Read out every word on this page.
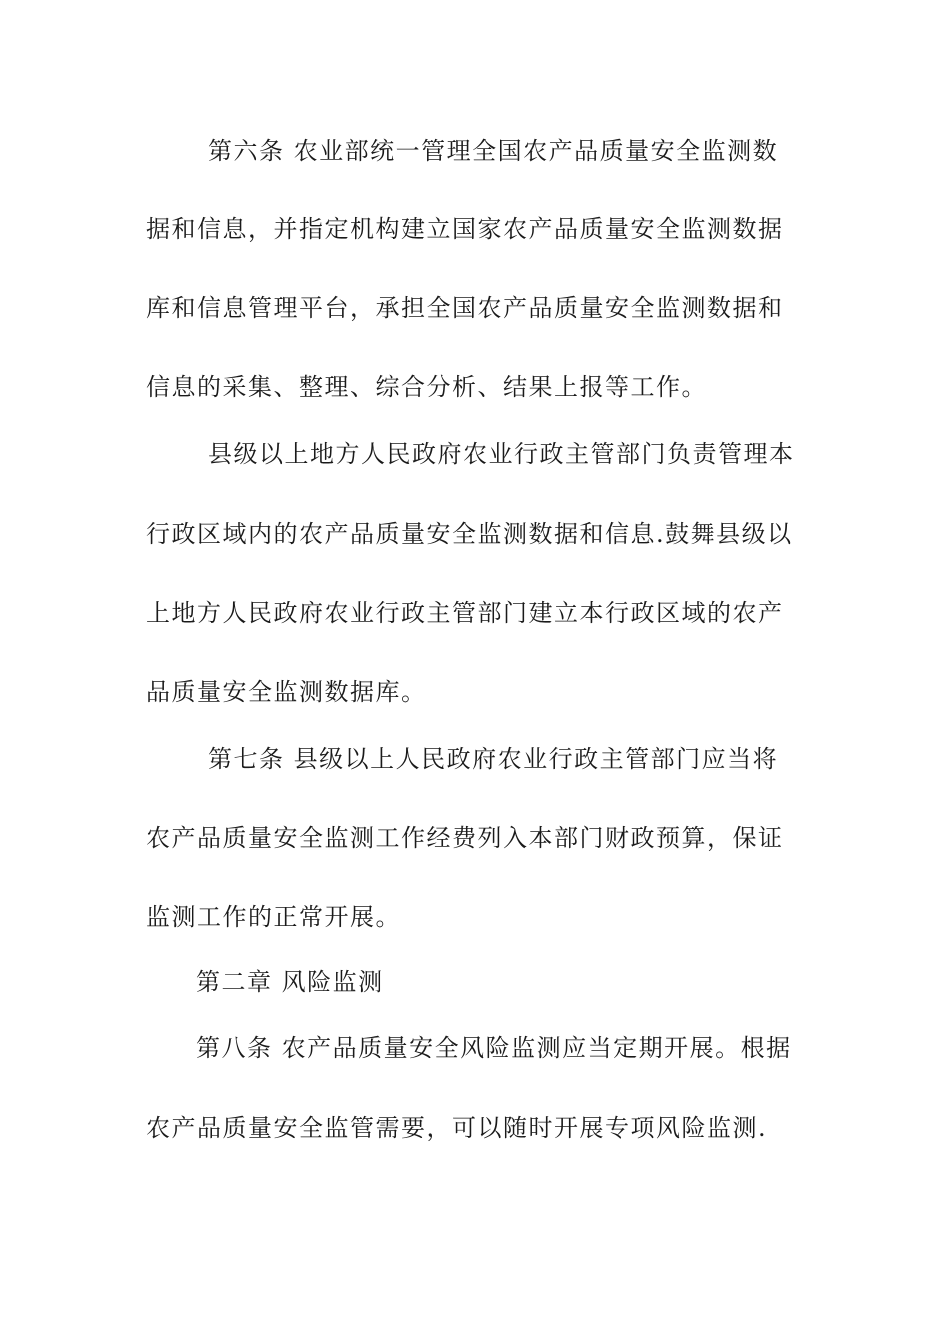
第六条 农业部统一管理全国农产品质量安全监测数
据和信息，并指定机构建立国家农产品质量安全监测数据
库和信息管理平台，承担全国农产品质量安全监测数据和
信息的采集、整理、综合分析、结果上报等工作。
县级以上地方人民政府农业行政主管部门负责管理本
行政区域内的农产品质量安全监测数据和信息.鼓舞县级以
上地方人民政府农业行政主管部门建立本行政区域的农产
品质量安全监测数据库。
第七条 县级以上人民政府农业行政主管部门应当将
农产品质量安全监测工作经费列入本部门财政预算，保证
监测工作的正常开展。
第二章 风险监测
第八条 农产品质量安全风险监测应当定期开展。根据
农产品质量安全监管需要，可以随时开展专项风险监测.
